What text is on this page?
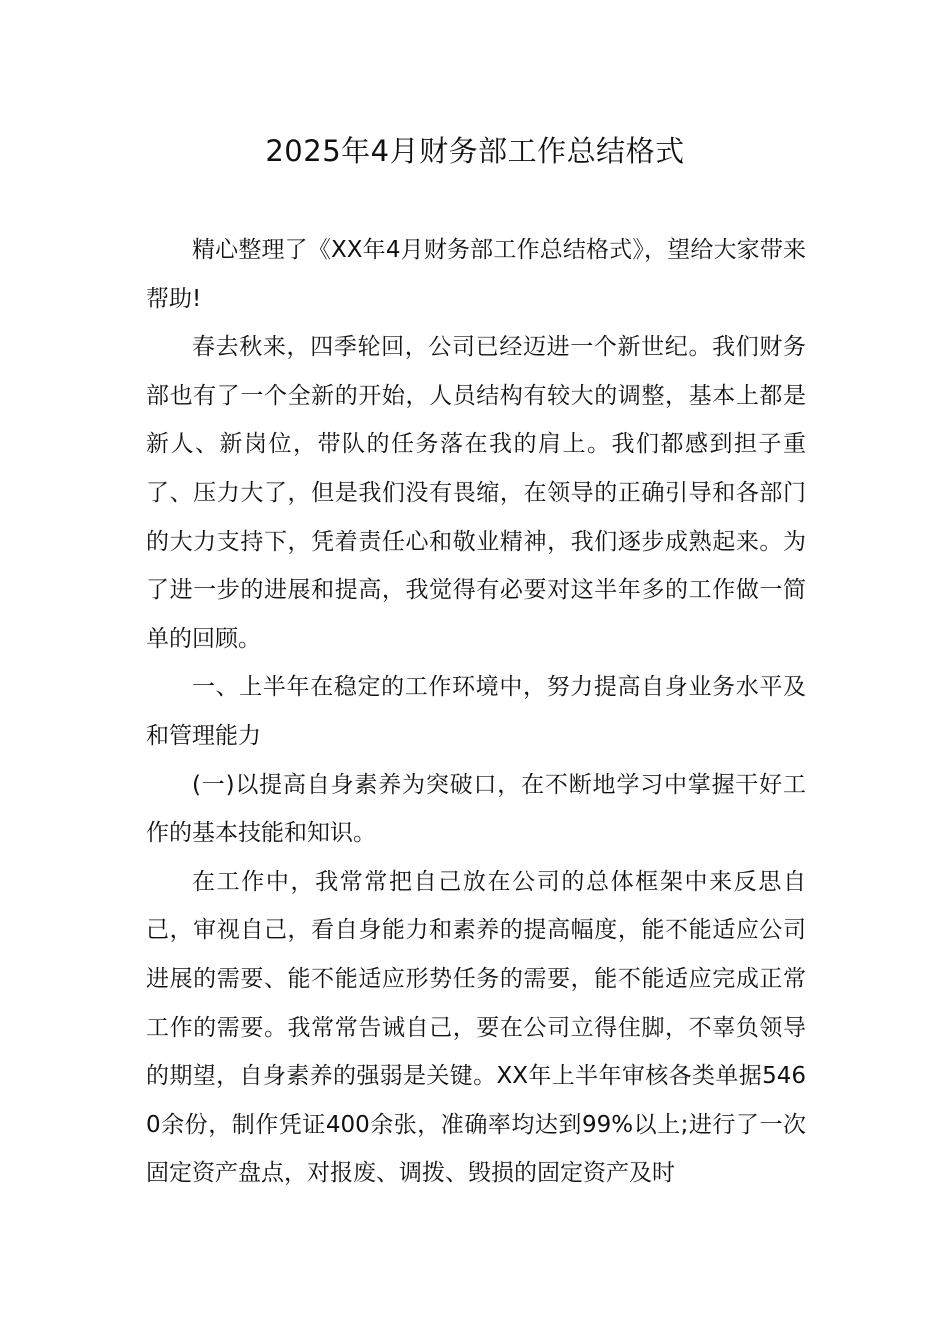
2025年4月财务部工作总结格式

精心整理了《XX年4月财务部工作总结格式》，望给大家带来帮助!

春去秋来，四季轮回，公司已经迈进一个新世纪。我们财务部也有了一个全新的开始，人员结构有较大的调整，基本上都是新人、新岗位，带队的任务落在我的肩上。我们都感到担子重了、压力大了，但是我们没有畏缩，在领导的正确引导和各部门的大力支持下，凭着责任心和敬业精神，我们逐步成熟起来。为了进一步的进展和提高，我觉得有必要对这半年多的工作做一简单的回顾。

一、上半年在稳定的工作环境中，努力提高自身业务水平及和管理能力

(一)以提高自身素养为突破口，在不断地学习中掌握干好工作的基本技能和知识。

在工作中，我常常把自己放在公司的总体框架中来反思自己，审视自己，看自身能力和素养的提高幅度，能不能适应公司进展的需要、能不能适应形势任务的需要，能不能适应完成正常工作的需要。我常常告诫自己，要在公司立得住脚，不辜负领导的期望，自身素养的强弱是关键。XX年上半年审核各类单据5460余份，制作凭证400余张，准确率均达到99%以上;进行了一次固定资产盘点，对报废、调拨、毁损的固定资产及时
